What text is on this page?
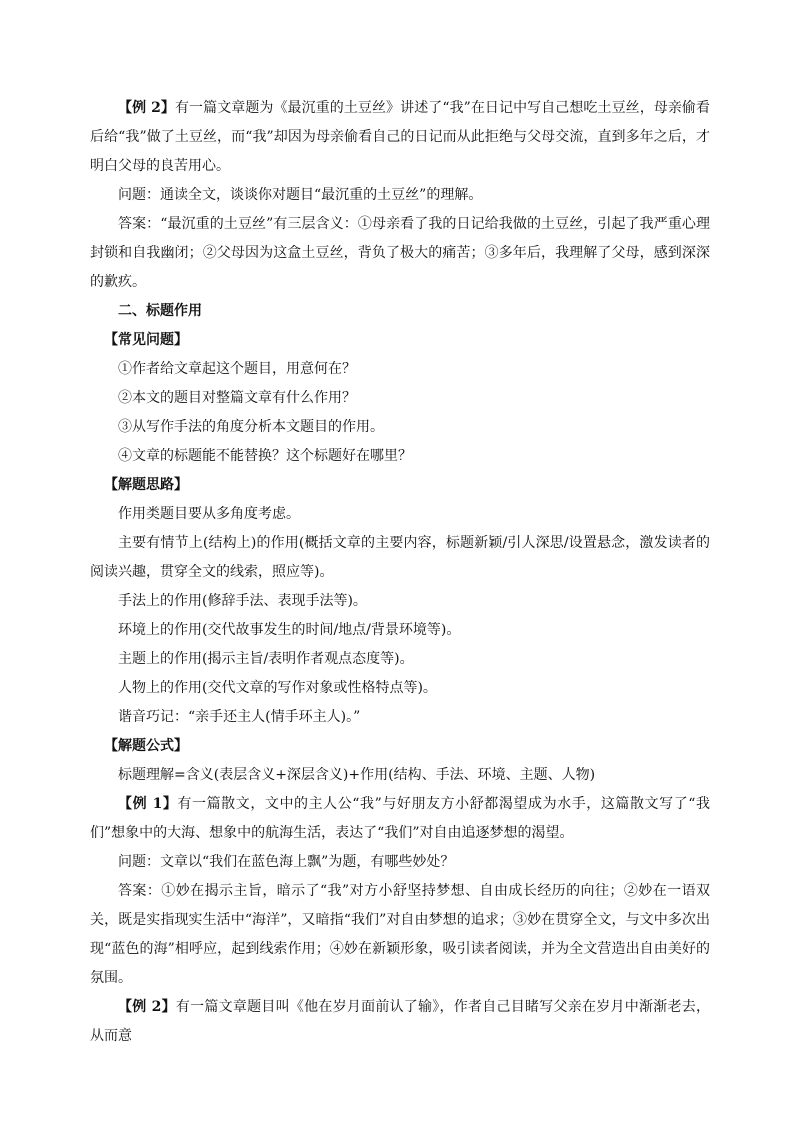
【例 2】有一篇文章题为《最沉重的土豆丝》讲述了“我”在日记中写自己想吃土豆丝，母亲偷看后给“我”做了土豆丝，而“我”却因为母亲偷看自己的日记而从此拒绝与父母交流，直到多年之后，才明白父母的良苦用心。

问题：通读全文，谈谈你对题目“最沉重的土豆丝”的理解。

答案：“最沉重的土豆丝”有三层含义：①母亲看了我的日记给我做的土豆丝，引起了我严重心理封锁和自我幽闭；②父母因为这盒土豆丝，背负了极大的痛苦；③多年后，我理解了父母，感到深深的歉疚。

二、标题作用

【常见问题】

①作者给文章起这个题目，用意何在？

②本文的题目对整篇文章有什么作用？

③从写作手法的角度分析本文题目的作用。

④文章的标题能不能替换？这个标题好在哪里？

【解题思路】

作用类题目要从多角度考虑。

主要有情节上(结构上)的作用(概括文章的主要内容，标题新颖/引人深思/设置悬念，激发读者的阅读兴趣，贯穿全文的线索，照应等)。

手法上的作用(修辞手法、表现手法等)。

环境上的作用(交代故事发生的时间/地点/背景环境等)。

主题上的作用(揭示主旨/表明作者观点态度等)。

人物上的作用(交代文章的写作对象或性格特点等)。

谐音巧记：“亲手还主人(情手环主人)。”

【解题公式】

标题理解=含义(表层含义+深层含义)+作用(结构、手法、环境、主题、人物)

【例 1】有一篇散文，文中的主人公“我”与好朋友方小舒都渴望成为水手，这篇散文写了“我们”想象中的大海、想象中的航海生活，表达了“我们”对自由追逐梦想的渴望。

问题：文章以“我们在蓝色海上飘”为题，有哪些妙处？

答案：①妙在揭示主旨，暗示了“我”对方小舒坚持梦想、自由成长经历的向往；②妙在一语双关，既是实指现实生活中“海洋”，又暗指“我们”对自由梦想的追求；③妙在贯穿全文，与文中多次出现“蓝色的海”相呼应，起到线索作用；④妙在新颖形象，吸引读者阅读，并为全文营造出自由美好的氛围。

【例 2】有一篇文章题目叫《他在岁月面前认了输》，作者自己目睹写父亲在岁月中渐渐老去，从而意
